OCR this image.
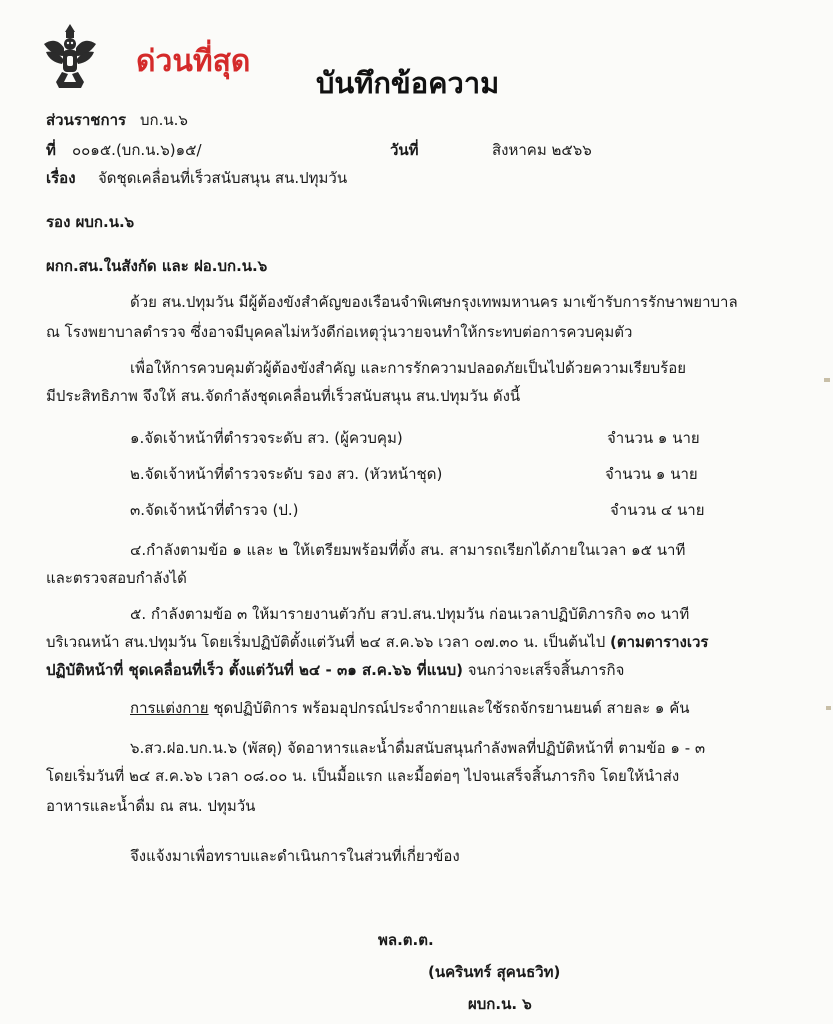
ด่วนที่สุด
บันทึกข้อความ
ส่วนราชการ บก.น.๖
ที่ ๐๐๑๕.(บก.น.๖)๑๕/	วันที่	สิงหาคม ๒๕๖๖
เรื่อง จัดชุดเคลื่อนที่เร็วสนับสนุน สน.ปทุมวัน
รอง ผบก.น.๖
ผกก.สน.ในสังกัด และ ฝอ.บก.น.๖
ด้วย สน.ปทุมวัน มีผู้ต้องขังสำคัญของเรือนจำพิเศษกรุงเทพมหานคร มาเข้ารับการรักษาพยาบาล
ณ โรงพยาบาลตำรวจ ซึ่งอาจมีบุคคลไม่หวังดีก่อเหตุวุ่นวายจนทำให้กระทบต่อการควบคุมตัว
เพื่อให้การควบคุมตัวผู้ต้องขังสำคัญ และการรักความปลอดภัยเป็นไปด้วยความเรียบร้อย
มีประสิทธิภาพ จึงให้ สน.จัดกำลังชุดเคลื่อนที่เร็วสนับสนุน สน.ปทุมวัน ดังนี้
๑.จัดเจ้าหน้าที่ตำรวจระดับ สว. (ผู้ควบคุม)	จำนวน ๑ นาย
๒.จัดเจ้าหน้าที่ตำรวจระดับ รอง สว. (หัวหน้าชุด)	จำนวน ๑ นาย
๓.จัดเจ้าหน้าที่ตำรวจ (ป.)	จำนวน ๔ นาย
๔.กำลังตามข้อ ๑ และ ๒ ให้เตรียมพร้อมที่ตั้ง สน. สามารถเรียกได้ภายในเวลา ๑๕ นาที
และตรวจสอบกำลังได้
๕. กำลังตามข้อ ๓ ให้มารายงานตัวกับ สวป.สน.ปทุมวัน ก่อนเวลาปฏิบัติภารกิจ ๓๐ นาที
บริเวณหน้า สน.ปทุมวัน โดยเริ่มปฏิบัติตั้งแต่วันที่ ๒๔ ส.ค.๖๖ เวลา ๐๗.๓๐ น. เป็นต้นไป (ตามตารางเวร
ปฏิบัติหน้าที่ ชุดเคลื่อนที่เร็ว ตั้งแต่วันที่ ๒๔ - ๓๑ ส.ค.๖๖ ที่แนบ) จนกว่าจะเสร็จสิ้นภารกิจ
การแต่งกาย ชุดปฏิบัติการ พร้อมอุปกรณ์ประจำกายและใช้รถจักรยานยนต์ สายละ ๑ คัน
๖.สว.ฝอ.บก.น.๖ (พัสดุ) จัดอาหารและน้ำดื่มสนับสนุนกำลังพลที่ปฏิบัติหน้าที่ ตามข้อ ๑ - ๓
โดยเริ่มวันที่ ๒๔ ส.ค.๖๖ เวลา ๐๘.๐๐ น. เป็นมื้อแรก และมื้อต่อๆ ไปจนเสร็จสิ้นภารกิจ โดยให้นำส่ง
อาหารและน้ำดื่ม ณ สน. ปทุมวัน
จึงแจ้งมาเพื่อทราบและดำเนินการในส่วนที่เกี่ยวข้อง
พล.ต.ต.
(นครินทร์ สุคนธวิท)
ผบก.น. ๖
